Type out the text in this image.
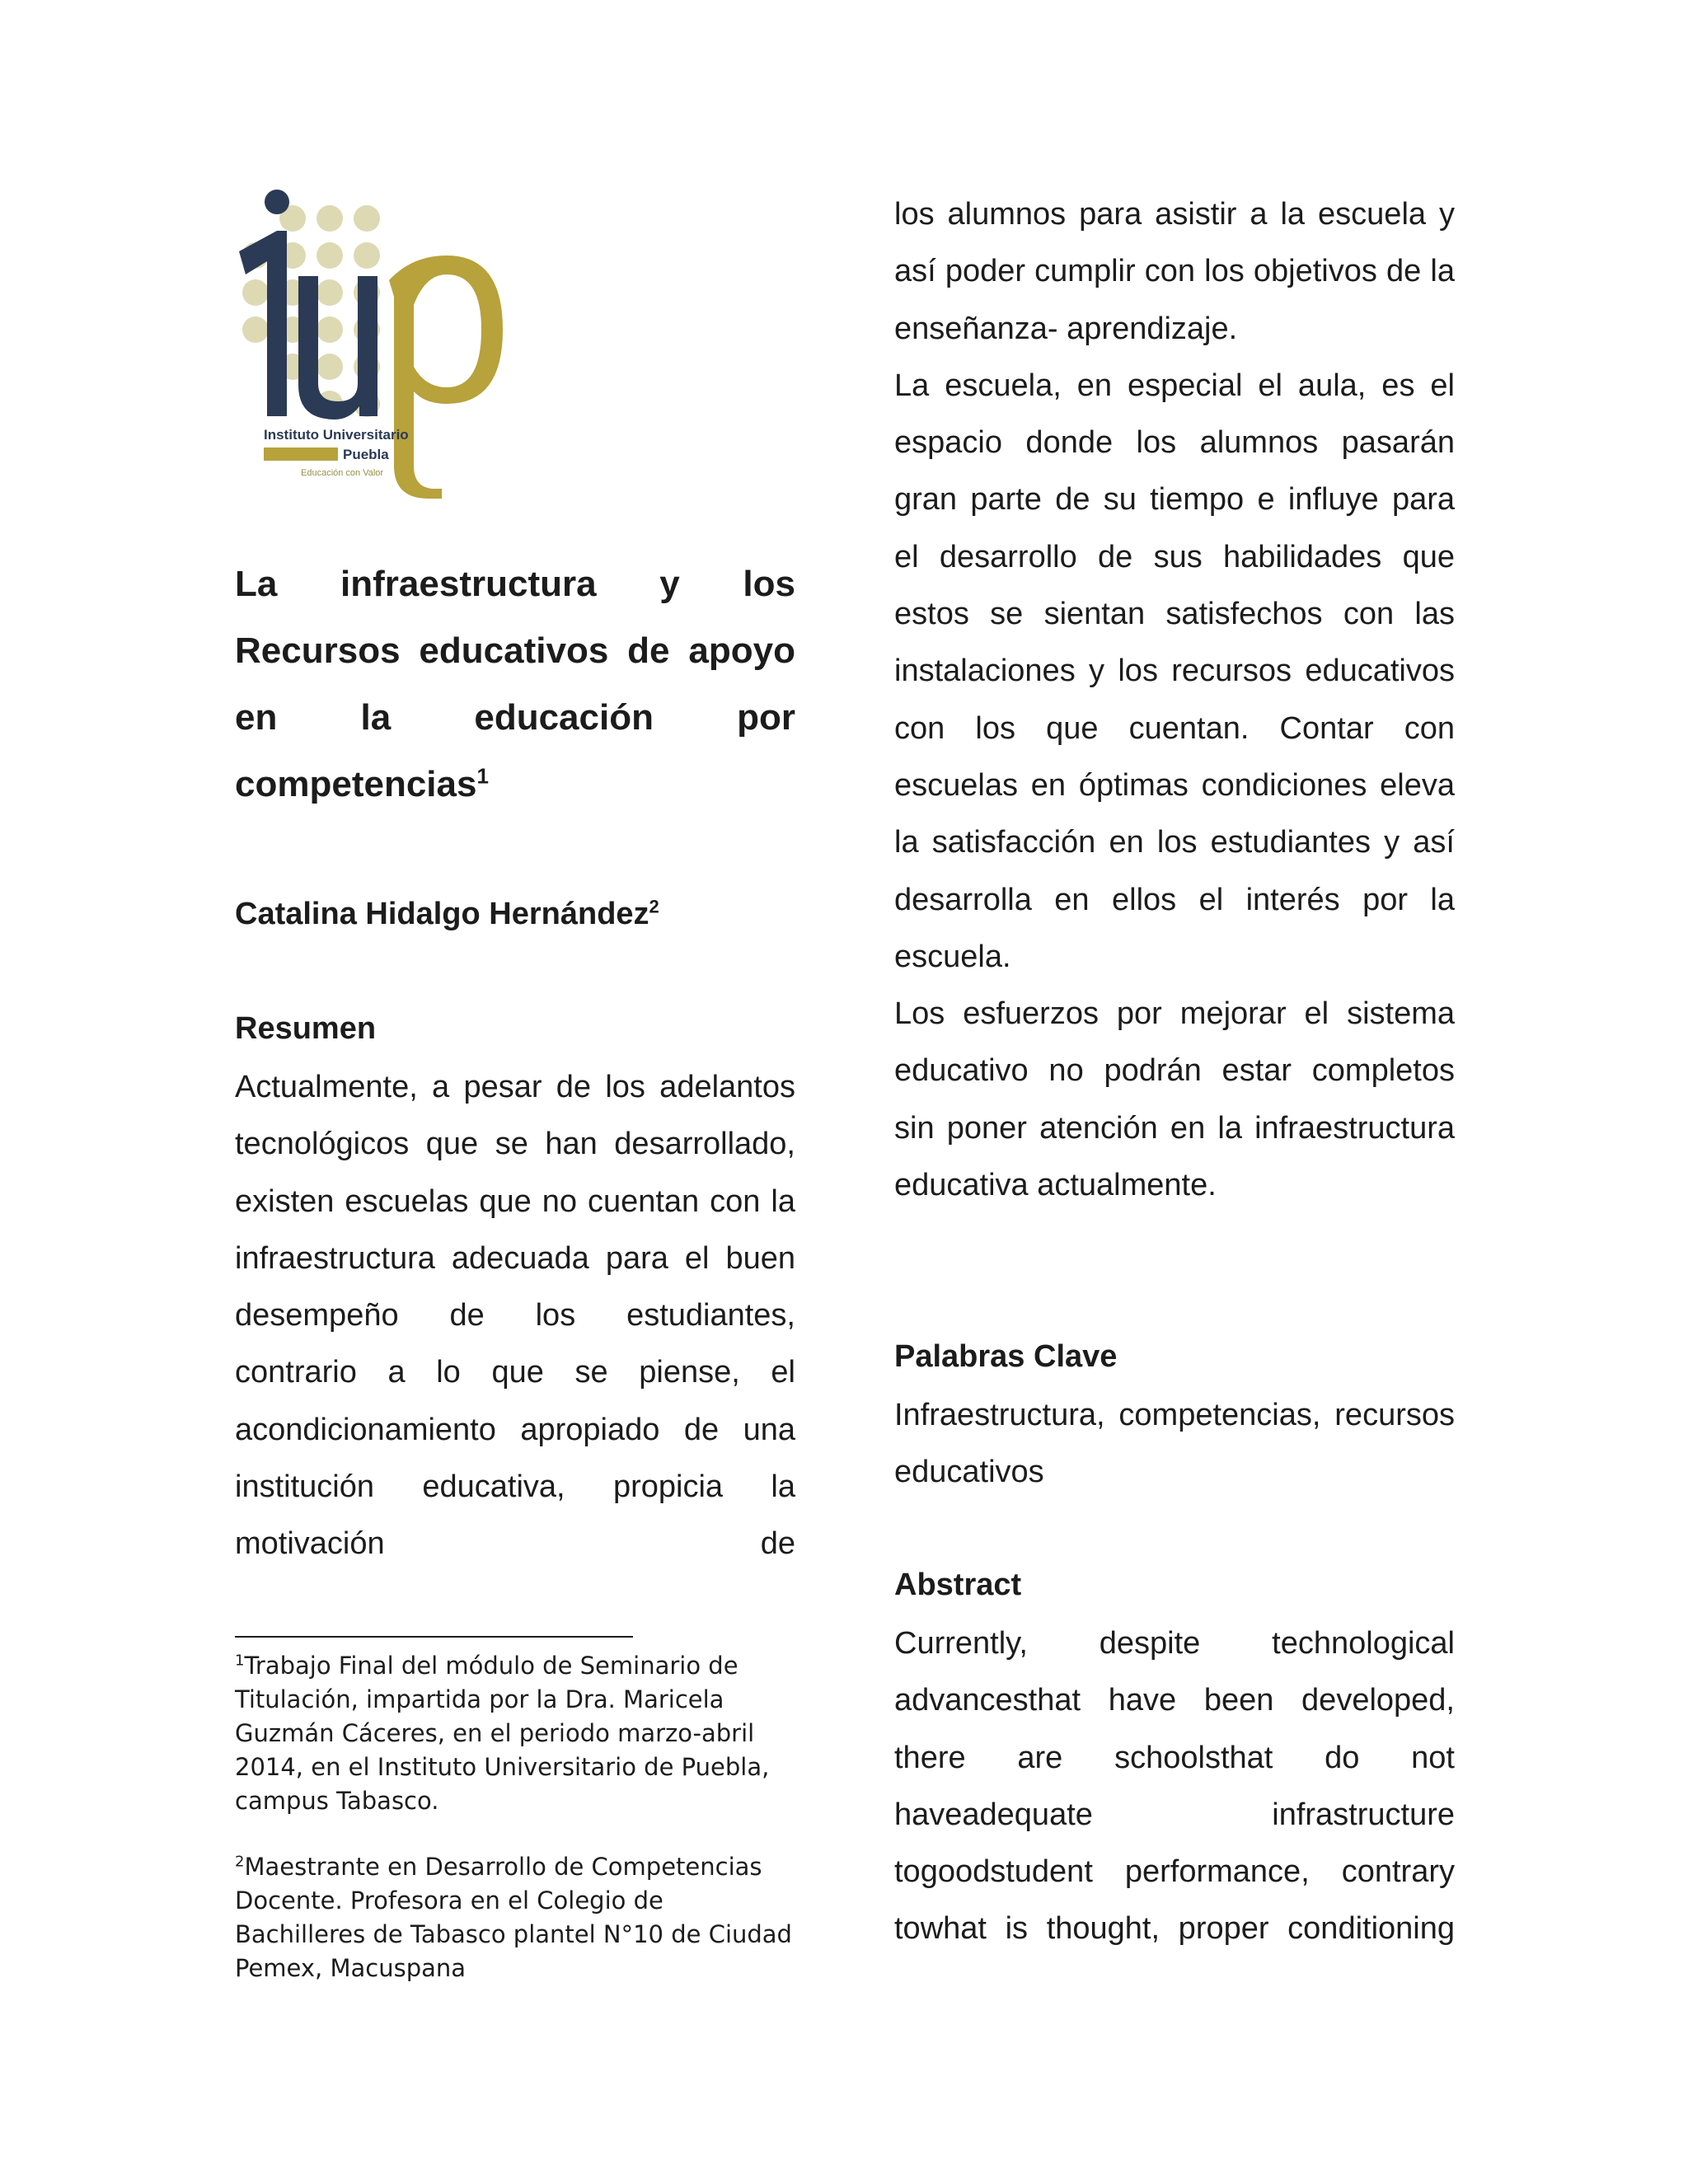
Instituto Universitario
Puebla
Educación con Valor
La infraestructura y los Recursos educativos de apoyo en la educación por competencias$^1$

Catalina Hidalgo Hernández$^2$

Resumen

Actualmente, a pesar de los adelantos tecnológicos que se han desarrollado, existen escuelas que no cuentan con la infraestructura adecuada para el buen desempeño de los estudiantes, contrario a lo que se piense, el acondicionamiento apropiado de una institución educativa, propicia la motivación de

$^1$Trabajo Final del módulo de Seminario de Titulación, impartida por la Dra. Maricela Guzmán Cáceres, en el periodo marzo-abril 2014, en el Instituto Universitario de Puebla, campus Tabasco.

$^2$Maestrante en Desarrollo de Competencias Docente. Profesora en el Colegio de Bachilleres de Tabasco plantel N°10 de Ciudad Pemex, Macuspana

los alumnos para asistir a la escuela y así poder cumplir con los objetivos de la enseñanza- aprendizaje.

La escuela, en especial el aula, es el espacio donde los alumnos pasarán gran parte de su tiempo e influye para el desarrollo de sus habilidades que estos se sientan satisfechos con las instalaciones y los recursos educativos con los que cuentan. Contar con escuelas en óptimas condiciones eleva la satisfacción en los estudiantes y así desarrolla en ellos el interés por la escuela.

Los esfuerzos por mejorar el sistema educativo no podrán estar completos sin poner atención en la infraestructura educativa actualmente.

Palabras Clave

Infraestructura, competencias, recursos educativos

Abstract

Currently, despite technological advancesthat have been developed, there are schoolsthat do not haveadequate infrastructure togoodstudent performance, contrary towhat is thought, proper conditioning
